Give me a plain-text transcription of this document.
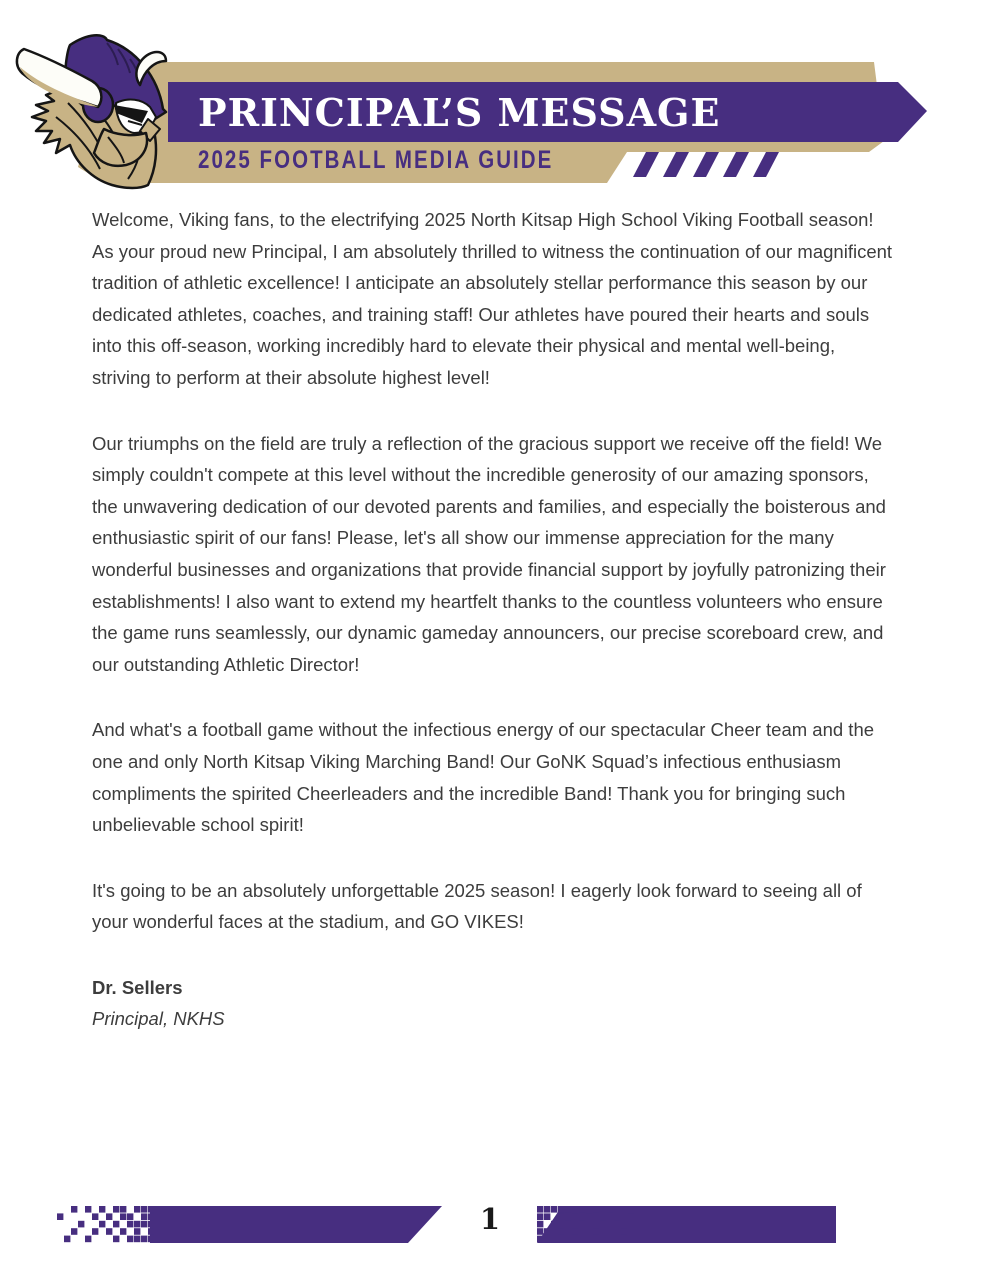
PRINCIPAL’S MESSAGE
2025 FOOTBALL MEDIA GUIDE

Welcome, Viking fans, to the electrifying 2025 North Kitsap High School Viking Football season! As your proud new Principal, I am absolutely thrilled to witness the continuation of our magnificent tradition of athletic excellence! I anticipate an absolutely stellar performance this season by our dedicated athletes, coaches, and training staff! Our athletes have poured their hearts and souls into this off-season, working incredibly hard to elevate their physical and mental well-being, striving to perform at their absolute highest level!

Our triumphs on the field are truly a reflection of the gracious support we receive off the field! We simply couldn't compete at this level without the incredible generosity of our amazing sponsors, the unwavering dedication of our devoted parents and families, and especially the boisterous and enthusiastic spirit of our fans! Please, let's all show our immense appreciation for the many wonderful businesses and organizations that provide financial support by joyfully patronizing their establishments! I also want to extend my heartfelt thanks to the countless volunteers who ensure the game runs seamlessly, our dynamic gameday announcers, our precise scoreboard crew, and our outstanding Athletic Director!

And what's a football game without the infectious energy of our spectacular Cheer team and the one and only North Kitsap Viking Marching Band! Our GoNK Squad’s infectious enthusiasm compliments the spirited Cheerleaders and the incredible Band! Thank you for bringing such unbelievable school spirit!

It's going to be an absolutely unforgettable 2025 season! I eagerly look forward to seeing all of your wonderful faces at the stadium, and GO VIKES!

Dr. Sellers

Principal, NKHS

1
